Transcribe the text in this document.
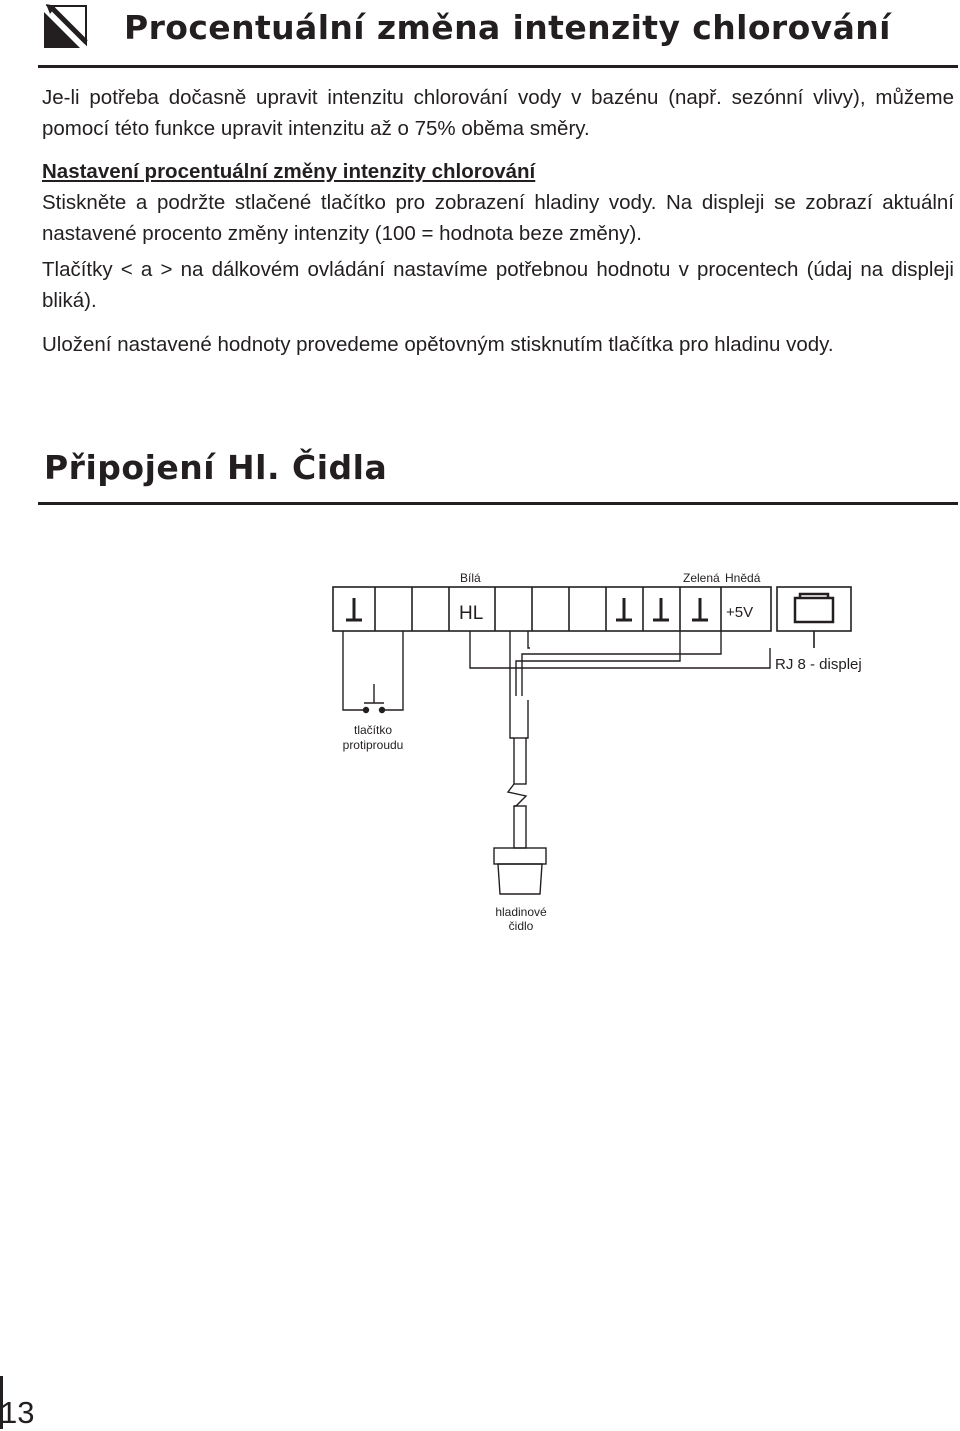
Procentuální změna intenzity chlorování
Je-li potřeba dočasně upravit intenzitu chlorování vody v bazénu (např. sezónní vlivy), můžeme pomocí této funkce upravit intenzitu až o 75% oběma směry.

Nastavení procentuální změny intenzity chlorování

Stiskněte a podržte stlačené tlačítko pro zobrazení hladiny vody. Na displeji se zobrazí aktuální nastavené procento změny intenzity (100 = hodnota beze změny).

Tlačítky < a > na dálkovém ovládání nastavíme potřebnou hodnotu v procentech (údaj na displeji bliká).
Uložení nastavené hodnoty provedeme opětovným stisknutím tlačítka pro hladinu vody.
Připojení Hl. Čidla
Bílá	Zelená Hnědá
HL	+5V
RJ 8 - displej
tlačítko
protiproudu
hladinové
čidlo
13
